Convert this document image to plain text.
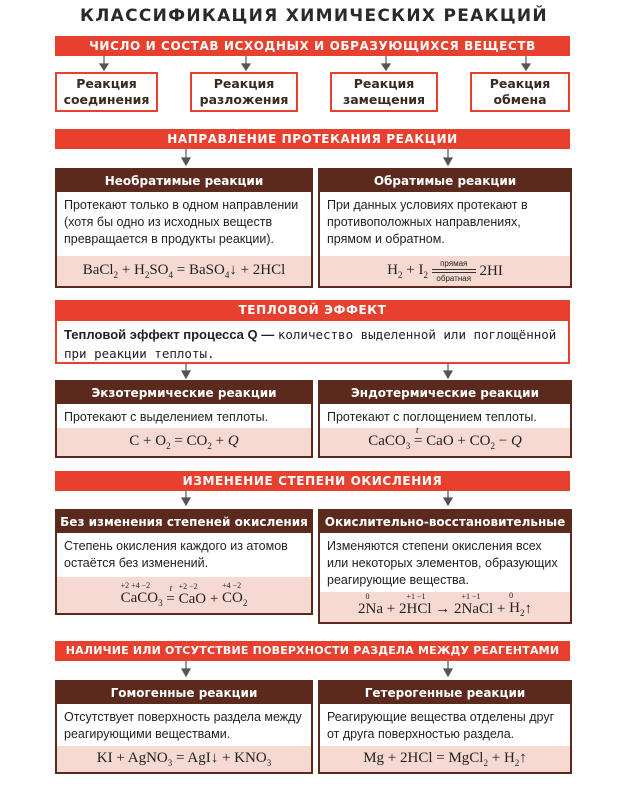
КЛАССИФИКАЦИЯ ХИМИЧЕСКИХ РЕАКЦИЙ
ЧИСЛО И СОСТАВ ИСХОДНЫХ И ОБРАЗУЮЩИХСЯ ВЕЩЕСТВ
Реакция
соединения
Реакция
разложения
Реакция
замещения
Реакция
обмена
НАПРАВЛЕНИЕ ПРОТЕКАНИЯ РЕАКЦИИ
Необратимые реакции
Протекают только в одном направлении (хотя бы одно из исходных веществ превращается в продукты реакции).
BaCl$_2$ + $H_2SO_4$ = BaSO$_4$↓ + 2HCl
Обратимые реакции
При данных условиях протекают в противоположных направлениях, прямом и обратном.
$H_2 + I_2$
прямая
обратная 2HI
ТЕПЛОВОЙ ЭФФЕКТ
Тепловой эффект процесса Q — количество выделенной или поглощённой при реакции теплоты.
Экзотермические реакции
Протекают с выделением теплоты.
$C + O_2 = CO_2 + Q$
Эндотермические реакции
Протекают с поглощением теплоты.
CaCO$_3$ =
t
CaO + $CO_2 - Q$
ИЗМЕНЕНИЕ СТЕПЕНИ ОКИСЛЕНИЯ
Без изменения степеней окисления
Степень окисления каждого из атомов остаётся без изменений.
CaCO$_3$
+2 +4 −2
=
t

CaO
+2 −2
+ $CO_2$
+4 −2
Окислительно-восстановительные
Изменяются степени окисления всех или некоторых элементов, образующих реагирующие вещества.
2 Na
0
+ 2 HCl
+1 −1
→ 2 NaCl
+1 −1
+ $H_2$
0
↑
НАЛИЧИЕ ИЛИ ОТСУТСТВИЕ ПОВЕРХНОСТИ РАЗДЕЛА МЕЖДУ РЕАГЕНТАМИ
Гомогенные реакции
Отсутствует поверхность раздела между реагирующими веществами.
KI + AgNO$_3$ = AgI↓ + $KNO_3$
Гетерогенные реакции
Реагирующие вещества отделены друг от друга поверхностью раздела.
Mg + 2HCl = MgCl$_2$ + $H_2↑$
